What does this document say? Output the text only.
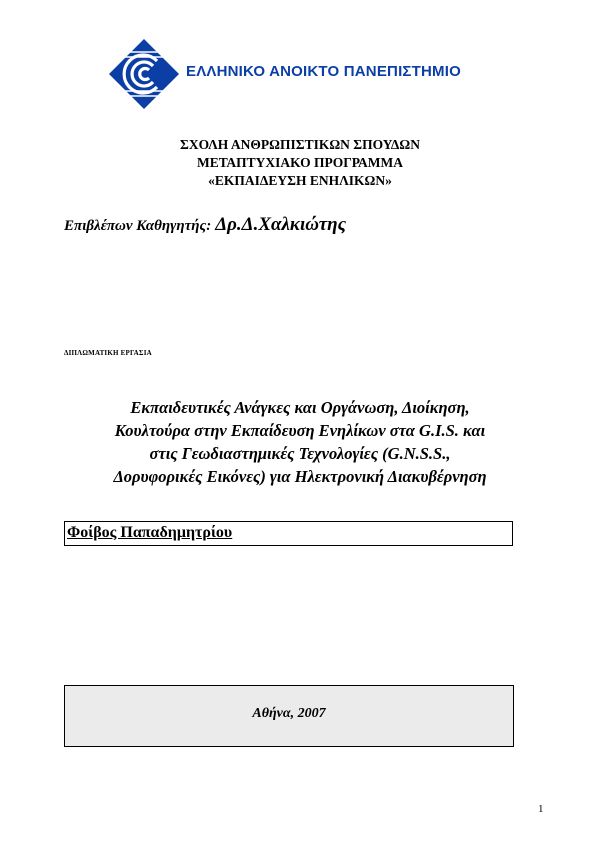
ΕΛΛΗΝΙΚΟ ΑΝΟΙΚΤΟ ΠΑΝΕΠΙΣΤΗΜΙΟ
ΣΧΟΛΗ ΑΝΘΡΩΠΙΣΤΙΚΩΝ ΣΠΟΥΔΩΝ
ΜΕΤΑΠΤΥΧΙΑΚΟ ΠΡΟΓΡΑΜΜΑ
«ΕΚΠΑΙΔΕΥΣΗ ΕΝΗΛΙΚΩΝ»
Επιβλέπων Καθηγητής: Δρ.Δ.Χαλκιώτης
ΔΙΠΛΩΜΑΤΙΚΗ ΕΡΓΑΣΙΑ
Εκπαιδευτικές Ανάγκες και Οργάνωση, Διοίκηση,
Κουλτούρα στην Εκπαίδευση Ενηλίκων στα G.I.S. και
στις Γεωδιαστημικές Τεχνολογίες (G.N.S.S.,
Δορυφορικές Εικόνες) για Ηλεκτρονική Διακυβέρνηση
Φοίβος Παπαδημητρίου
Αθήνα, 2007
1
